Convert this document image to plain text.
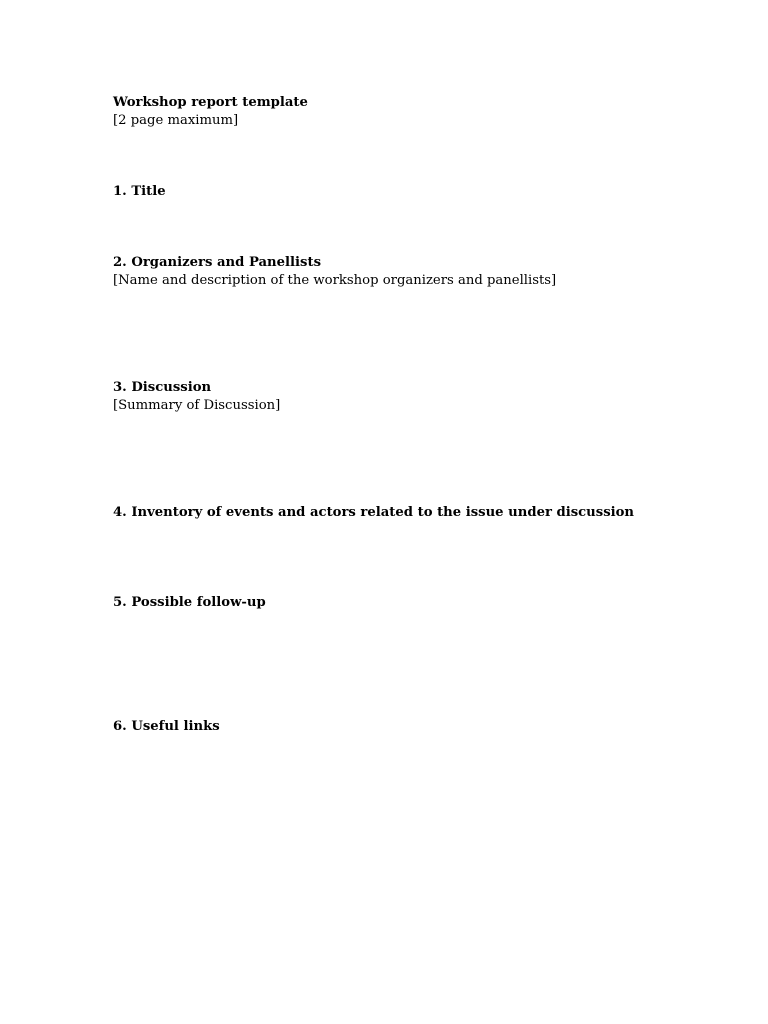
Workshop report template
[2 page maximum]
1. Title
2. Organizers and Panellists
[Name and description of the workshop organizers and panellists]
3. Discussion
[Summary of Discussion]
4. Inventory of events and actors related to the issue under discussion
5. Possible follow-up
6. Useful links
